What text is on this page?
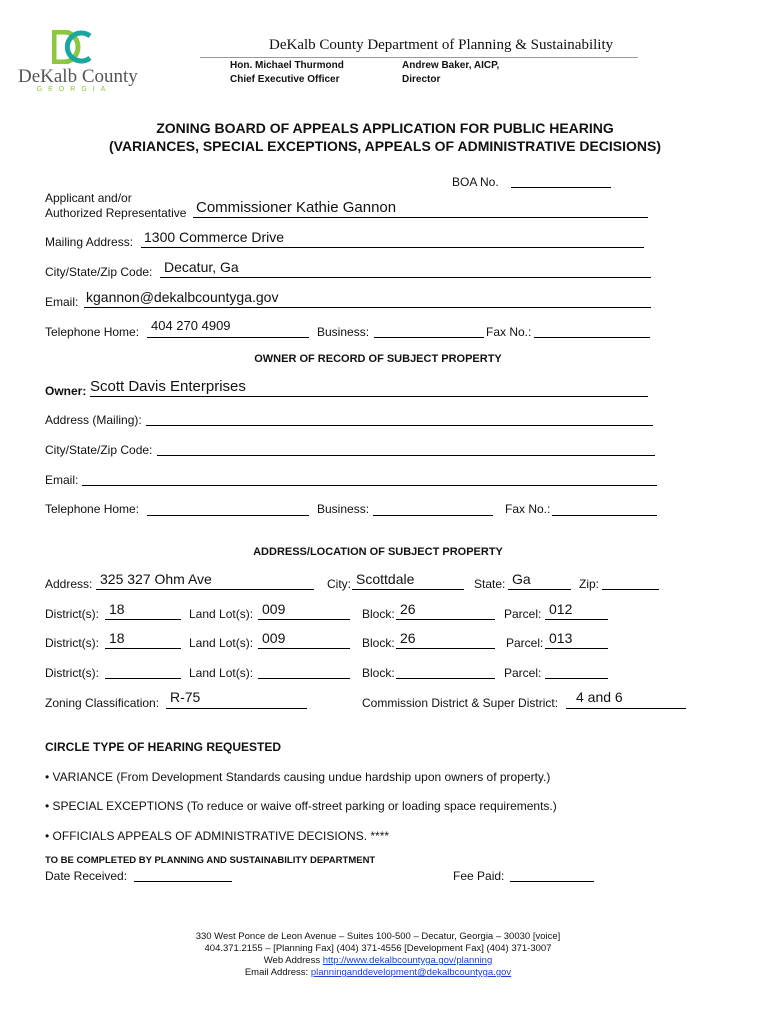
DeKalb County
GEORGIA
DeKalb County Department of Planning & Sustainability
Hon. Michael Thurmond
Chief Executive Officer
Andrew Baker, AICP,
Director
ZONING BOARD OF APPEALS APPLICATION FOR PUBLIC HEARING
(VARIANCES, SPECIAL EXCEPTIONS, APPEALS OF ADMINISTRATIVE DECISIONS)
BOA No.
Applicant and/or
Authorized Representative Commissioner Kathie Gannon
Mailing Address: 1300 Commerce Drive
City/State/Zip Code: Decatur, Ga
Email: kgannon@dekalbcountyga.gov
Telephone Home: 404 270 4909	Business:	Fax No.:
OWNER OF RECORD OF SUBJECT PROPERTY
Owner: Scott Davis Enterprises
Address (Mailing):
City/State/Zip Code:
Email:
Telephone Home:	Business:	Fax No.:
ADDRESS/LOCATION OF SUBJECT PROPERTY
Address: 325 327 Ohm Ave	City: Scottdale	State: Ga	Zip:
District(s): 18	Land Lot(s): 009	Block: 26	Parcel: 012
District(s): 18	Land Lot(s): 009	Block: 26	Parcel: 013
District(s):	Land Lot(s):	Block:	Parcel:
Zoning Classification: R-75	Commission District & Super District: 4 and 6
CIRCLE TYPE OF HEARING REQUESTED
• VARIANCE (From Development Standards causing undue hardship upon owners of property.)
• SPECIAL EXCEPTIONS (To reduce or waive off-street parking or loading space requirements.)
• OFFICIALS APPEALS OF ADMINISTRATIVE DECISIONS. ****
TO BE COMPLETED BY PLANNING AND SUSTAINABILITY DEPARTMENT
Date Received:	Fee Paid:
330 West Ponce de Leon Avenue – Suites 100-500 – Decatur, Georgia – 30030 [voice]
404.371.2155 – [Planning Fax] (404) 371-4556 [Development Fax] (404) 371-3007
Web Address http://www.dekalbcountyga.gov/planning
Email Address: planninganddevelopment@dekalbcountyga.gov
